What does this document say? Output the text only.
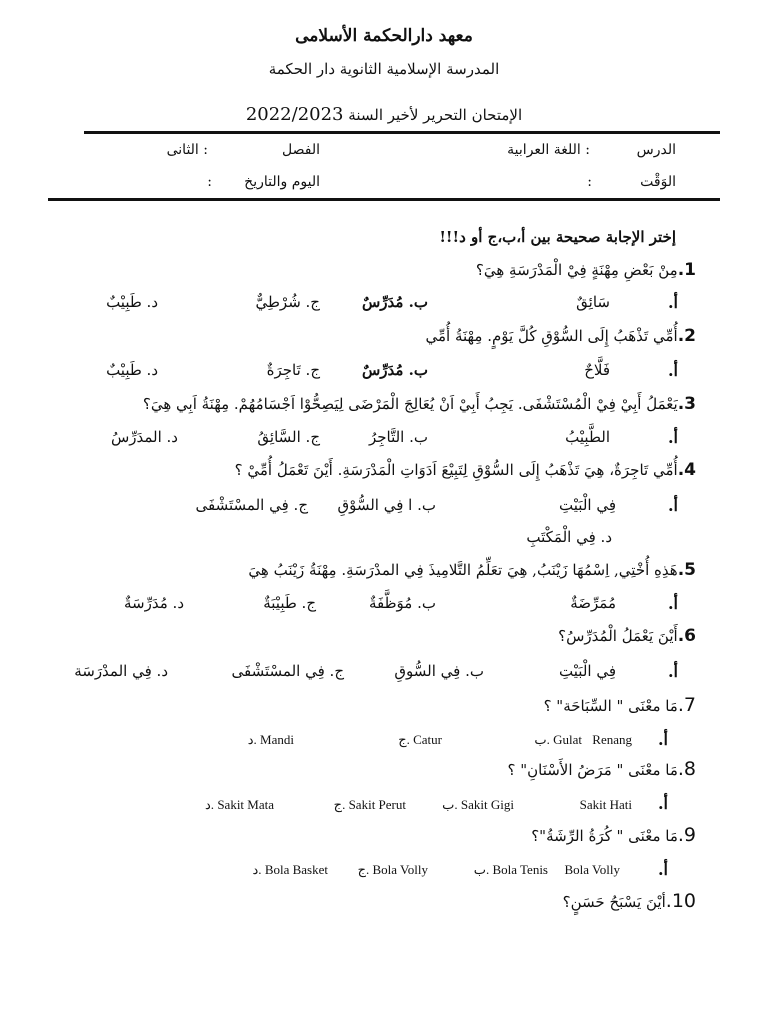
معهد دارالحكمة الأسلامى
المدرسة الإسلامية الثانوية دار الحكمة
الإمتحان التحرير لأخير السنة 2022/2023
الدرس
: اللغة العرابية
الفصل
: الثانى
الوَقْت
:
اليوم والتاريخ
:
إختر الإجابة صحيحة بين أ،ب،ج أو د!!!
1.مِنْ بَعْضِ مِهْنَةٍ فِيْ الْمَدْرَسَةِ هِيَ؟
أ.
سَائِقٌ
ب. مُدَرِّسٌ
ج. شُرْطِيٌّ
د. طَبِيْبٌ
2.أُمِّي تَذْهَبُ إِلَى السُّوْقِ كُلَّ يَوْمٍ. مِهْنَةُ أُمِّي
أ.
فَلَّاحٌ
ب. مُدَرِّسٌ
ج. تَاجِرَةٌ
د. طَبِيْبٌ
3.يَعْمَلُ أَبِيْ فِيْ الْمُسْتَشْفَى. يَجِبُ أَبِيْ اَنْ يُعَالِجَ الْمَرْضَى لِيَصِحُّوْا اَجْسَامُهُمْ. مِهْنَةُ اَبِي هِيَ؟
أ.
الطَّبِيْبُ
ب. التَّاجِرُ
ج. السَّائِقُ
د. المدَرِّسُ
4.أُمِّي تَاجِرَةٌ، هِيَ تَذْهَبُ إِلَى السُّوْقِ لِتَبِيْعَ اَدَوَاتِ الْمَدْرَسَةِ. أَيْنَ تَعْمَلُ أُمِّيْ ؟
أ.
فِي الْبَيْتِ
ب. ا فِي السُّوْقِ
ج. فِي المسْتَشْفَى
د. فِي الْمَكْتَبِ
5.هَذِهِ أُخْتِي, اِسْمُهَا زَيْنَبُ, هِيَ تعَلِّمُ التَّلامِيذَ فِي المدْرَسَةِ. مِهْنَةُ زَيْنَبُ هِيَ
أ.
مُمَرِّضَةٌ
ب. مُوَظَّفَةٌ
ج. طَبِيْبَةٌ
د. مُدَرِّسَةٌ
6.أَيْنَ يَعْمَلُ الْمُدَرِّسُ؟
أ.
فِي الْبَيْتِ
ب. فِي السُّوقِ
ج. فِي المسْتَشْفَى
د. فِي المدْرَسَة
7.مَا معْنَى " السِّبَاحَة" ؟
أ.
Renang
Gulat .ب
Catur .ج
Mandi .د
8.مَا معْنَى " مَرَضُ الأَسْنَانِ" ؟
أ.
Sakit Hati
Sakit Gigi .ب
Sakit Perut .ج
Sakit Mata .د
9.مَا معْنَى " كُرَةُ الرِّشَةُ"؟
أ.
Bola Volly
Bola Tenis .ب
Bola Volly .ج
Bola Basket .د
10.أيْنَ يَسْبَحُ حَسَنٍ؟
